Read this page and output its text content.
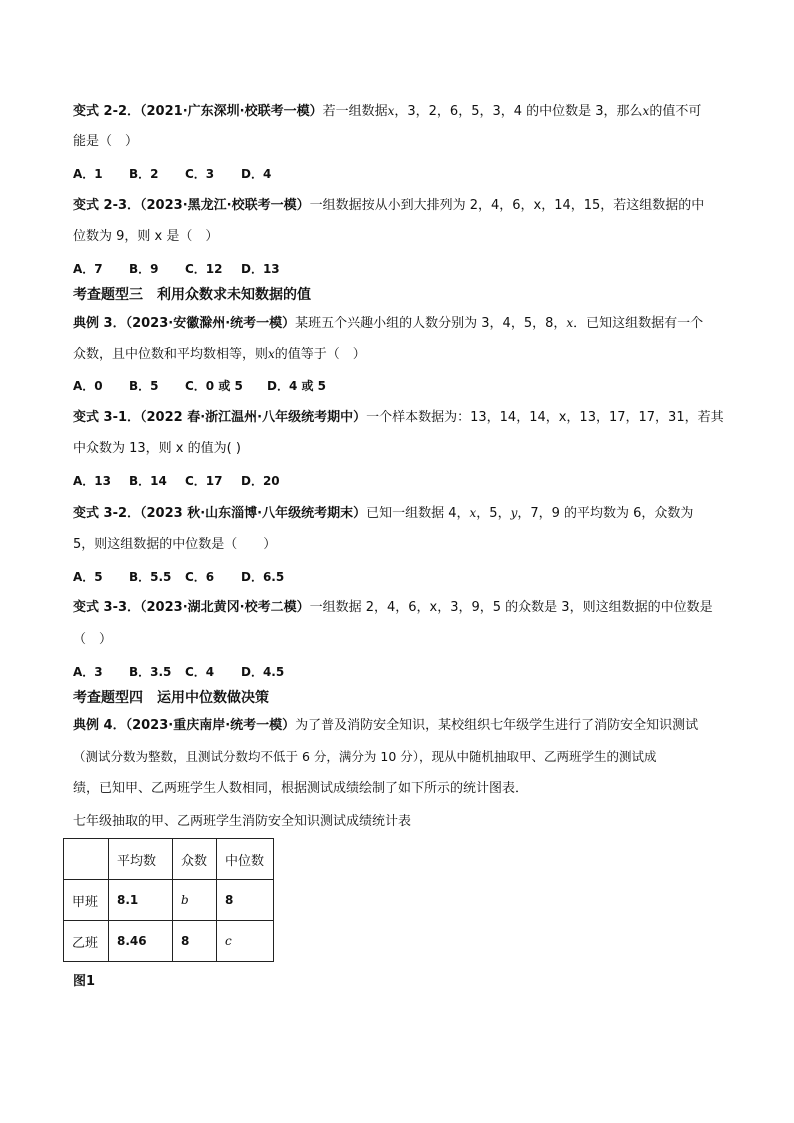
变式 2-2．（2021·广东深圳·校联考一模）若一组数据x，3，2，6，5，3，4 的中位数是 3，那么x的值不可
能是（　）
A．1 B．2 C．3 D．4
变式 2-3．（2023·黑龙江·校联考一模）一组数据按从小到大排列为 2，4，6，x，14，15，若这组数据的中
位数为 9，则 x 是（　）
A．7 B．9 C．12 D．13
考查题型三　利用众数求未知数据的值
典例 3．（2023·安徽滁州·统考一模）某班五个兴趣小组的人数分别为 3，4，5，8，x．已知这组数据有一个
众数，且中位数和平均数相等，则x的值等于（　）
A．0 B．5 C．0 或 5 D．4 或 5
变式 3-1．（2022 春·浙江温州·八年级统考期中）一个样本数据为：13，14，14，x，13，17，17，31，若其
中众数为 13，则 x 的值为( )
A．13 B．14 C．17 D．20
变式 3-2．（2023 秋·山东淄博·八年级统考期末）已知一组数据 4，x，5，y，7，9 的平均数为 6，众数为
5，则这组数据的中位数是（　　）
A．5 B．5.5 C．6 D．6.5
变式 3-3．（2023·湖北黄冈·校考二模）一组数据 2，4，6，x，3，9，5 的众数是 3，则这组数据的中位数是
（　）
A．3 B．3.5 C．4 D．4.5
考查题型四　运用中位数做决策
典例 4．（2023·重庆南岸·统考一模）为了普及消防安全知识，某校组织七年级学生进行了消防安全知识测试
（测试分数为整数，且测试分数均不低于 6 分，满分为 10 分），现从中随机抽取甲、乙两班学生的测试成
绩，已知甲、乙两班学生人数相同，根据测试成绩绘制了如下所示的统计图表．
七年级抽取的甲、乙两班学生消防安全知识测试成绩统计表
	平均数	众数	中位数
甲班	8.1	b	8
乙班	8.46	8	c
图1
